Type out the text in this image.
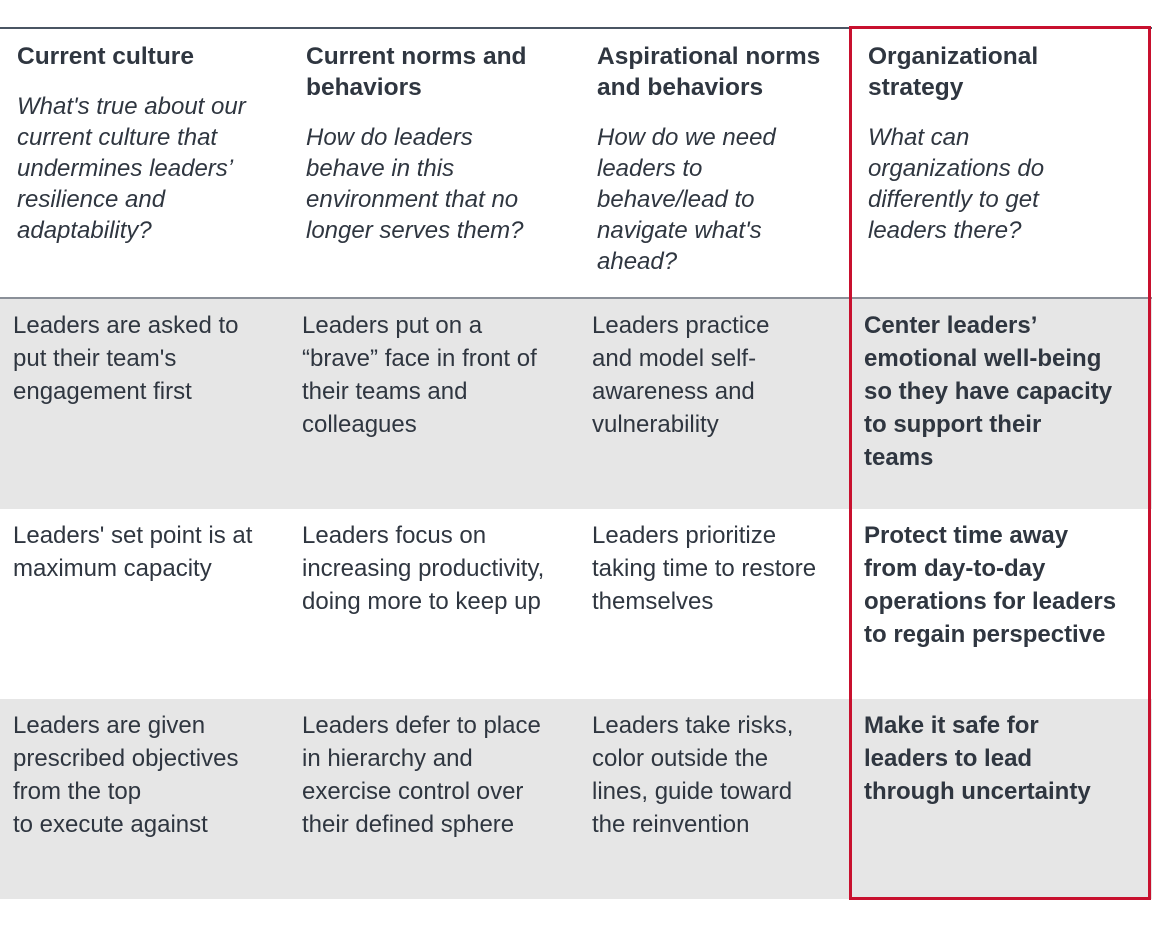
Current culture

What's true about our
current culture that
undermines leaders’
resilience and
adaptability?

Current norms and
behaviors

How do leaders
behave in this
environment that no
longer serves them?

Aspirational norms
and behaviors

How do we need
leaders to
behave/lead to
navigate what's
ahead?

Organizational
strategy

What can
organizations do
differently to get
leaders there?

Leaders are asked to
put their team's
engagement first

Leaders put on a
“brave” face in front of
their teams and
colleagues

Leaders practice
and model self-
awareness and
vulnerability

Center leaders’
emotional well-being
so they have capacity
to support their
teams

Leaders' set point is at
maximum capacity

Leaders focus on
increasing productivity,
doing more to keep up

Leaders prioritize
taking time to restore
themselves

Protect time away
from day-to-day
operations for leaders
to regain perspective

Leaders are given
prescribed objectives
from the top
to execute against

Leaders defer to place
in hierarchy and
exercise control over
their defined sphere

Leaders take risks,
color outside the
lines, guide toward
the reinvention

Make it safe for
leaders to lead
through uncertainty
